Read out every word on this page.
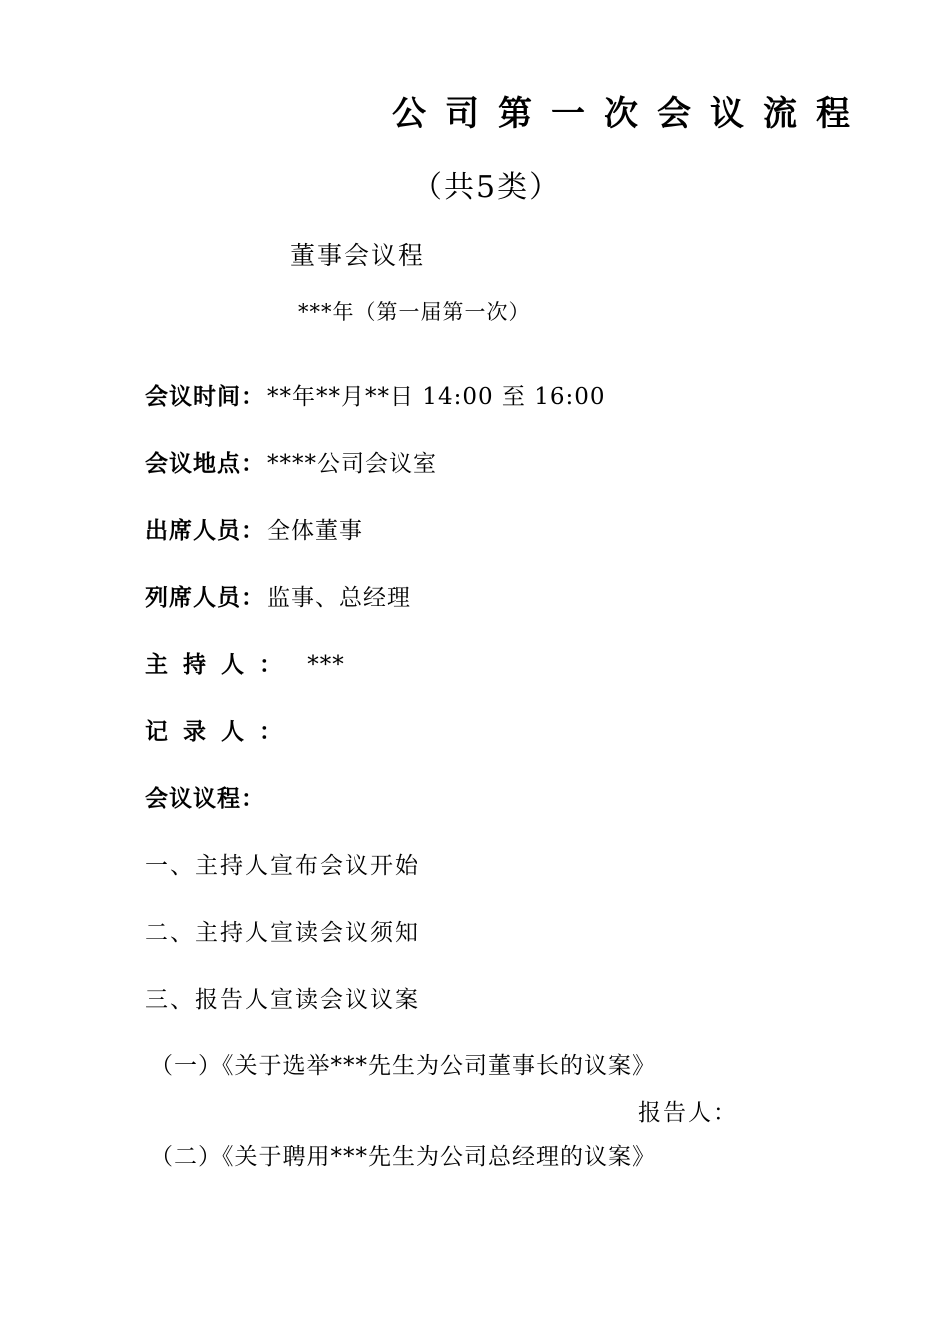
公司第一次会议流程
（共5类）
董事会议程
***年（第一届第一次）
会议时间：**年**月**日 14:00 至 16:00
会议地点：****公司会议室
出席人员：全体董事
列席人员：监事、总经理
主持人： ***
记录人：
会议议程：
一、主持人宣布会议开始
二、主持人宣读会议须知
三、报告人宣读会议议案
（一）《关于选举***先生为公司董事长的议案》
报告人：
（二）《关于聘用***先生为公司总经理的议案》
